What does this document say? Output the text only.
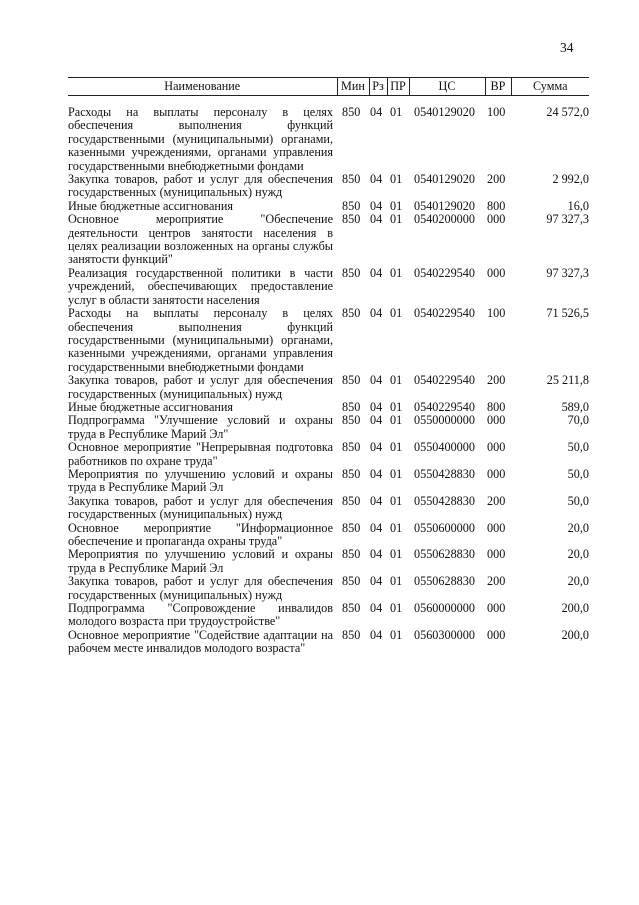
34
Наименование	Мин	Рз	ПР	ЦС	ВР	Сумма
Расходы на выплаты персоналу в целях обеспечения выполнения функций государственными (муниципальными) органами, казенными учреждениями, органами управления государственными внебюджетными фондами	850	04	01	0540129020	100	24 572,0
Закупка товаров, работ и услуг для обеспечения государственных (муниципальных) нужд	850	04	01	0540129020	200	2 992,0
Иные бюджетные ассигнования	850	04	01	0540129020	800	16,0
Основное мероприятие "Обеспечение деятельности центров занятости населения в целях реализации возложенных на органы службы занятости функций"	850	04	01	0540200000	000	97 327,3
Реализация государственной политики в части учреждений, обеспечивающих предоставление услуг в области занятости населения	850	04	01	0540229540	000	97 327,3
Расходы на выплаты персоналу в целях обеспечения выполнения функций государственными (муниципальными) органами, казенными учреждениями, органами управления государственными внебюджетными фондами	850	04	01	0540229540	100	71 526,5
Закупка товаров, работ и услуг для обеспечения государственных (муниципальных) нужд	850	04	01	0540229540	200	25 211,8
Иные бюджетные ассигнования	850	04	01	0540229540	800	589,0
Подпрограмма "Улучшение условий и охраны труда в Республике Марий Эл"	850	04	01	0550000000	000	70,0
Основное мероприятие "Непрерывная подготовка работников по охране труда"	850	04	01	0550400000	000	50,0
Мероприятия по улучшению условий и охраны труда в Республике Марий Эл	850	04	01	0550428830	000	50,0
Закупка товаров, работ и услуг для обеспечения государственных (муниципальных) нужд	850	04	01	0550428830	200	50,0
Основное мероприятие "Информационное обеспечение и пропаганда охраны труда"	850	04	01	0550600000	000	20,0
Мероприятия по улучшению условий и охраны труда в Республике Марий Эл	850	04	01	0550628830	000	20,0
Закупка товаров, работ и услуг для обеспечения государственных (муниципальных) нужд	850	04	01	0550628830	200	20,0
Подпрограмма "Сопровождение инвалидов молодого возраста при трудоустройстве"	850	04	01	0560000000	000	200,0
Основное мероприятие "Содействие адаптации на рабочем месте инвалидов молодого возраста"	850	04	01	0560300000	000	200,0
